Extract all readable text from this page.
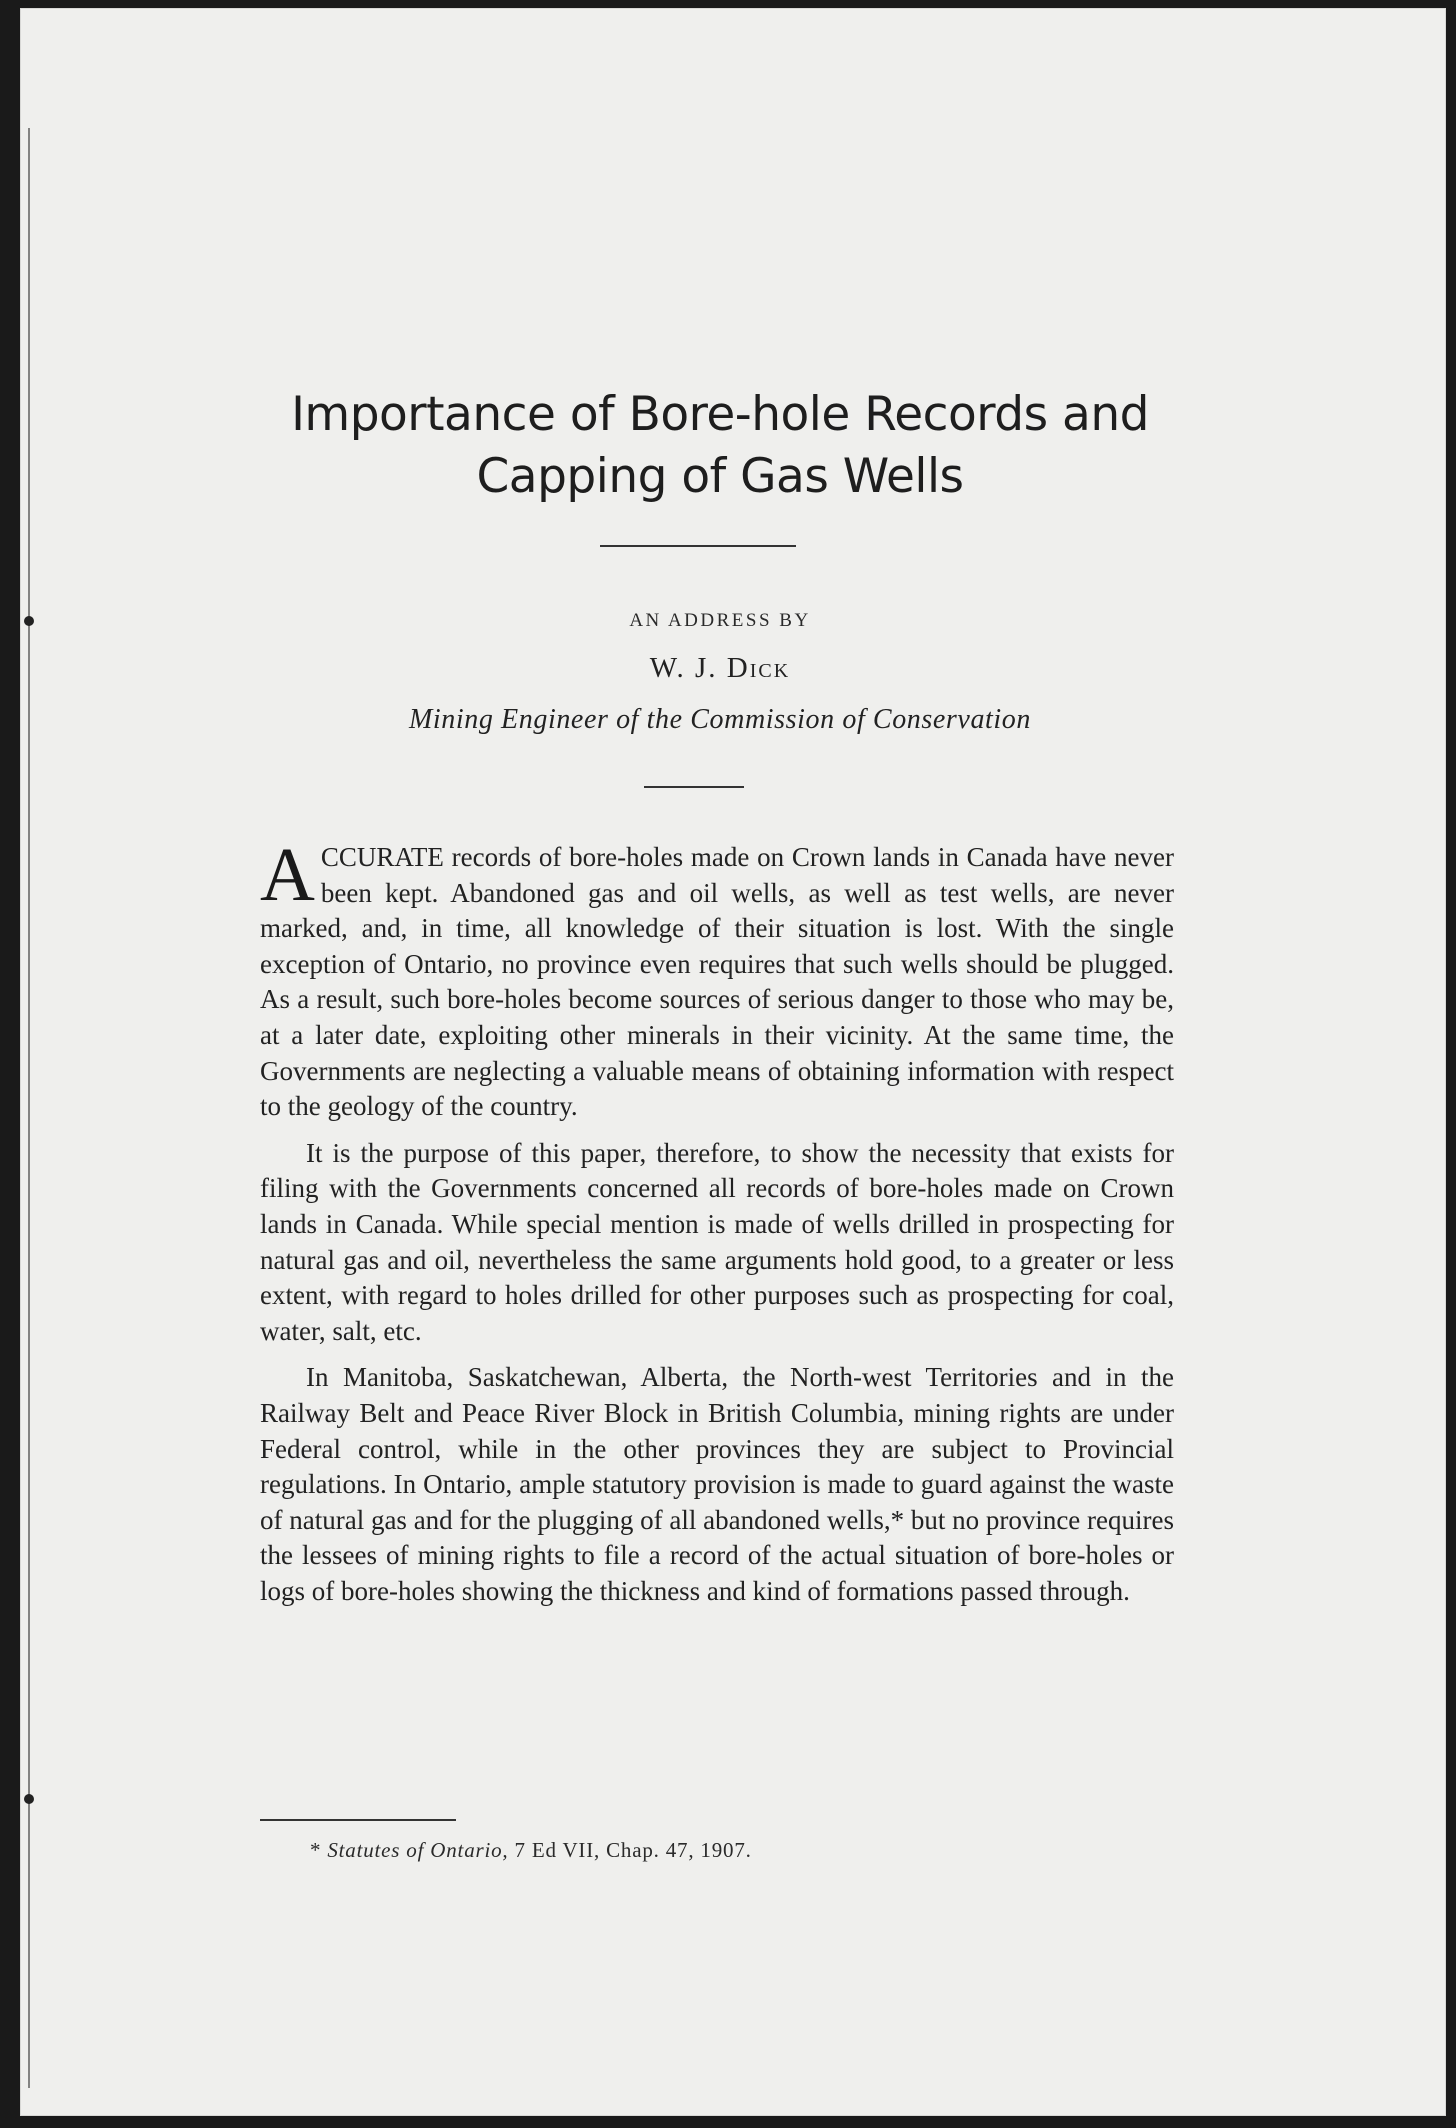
Importance of Bore-hole Records and
Capping of Gas Wells
AN ADDRESS BY
W. J. Dick
Mining Engineer of the Commission of Conservation

ACCURATE records of bore-holes made on Crown lands in Canada have never been kept. Abandoned gas and oil wells, as well as test wells, are never marked, and, in time, all knowledge of their situation is lost. With the single exception of Ontario, no province even requires that such wells should be plugged. As a result, such bore-holes become sources of serious danger to those who may be, at a later date, exploiting other minerals in their vicinity. At the same time, the Governments are neglecting a valuable means of obtaining information with respect to the geology of the country.

It is the purpose of this paper, therefore, to show the necessity that exists for filing with the Governments concerned all records of bore-holes made on Crown lands in Canada. While special mention is made of wells drilled in prospecting for natural gas and oil, nevertheless the same arguments hold good, to a greater or less extent, with regard to holes drilled for other purposes such as prospecting for coal, water, salt, etc.

In Manitoba, Saskatchewan, Alberta, the North-west Territories and in the Railway Belt and Peace River Block in British Columbia, mining rights are under Federal control, while in the other provinces they are subject to Provincial regulations. In Ontario, ample statutory provision is made to guard against the waste of natural gas and for the plugging of all abandoned wells,* but no province requires the lessees of mining rights to file a record of the actual situation of bore-holes or logs of bore-holes showing the thickness and kind of formations passed through.

* Statutes of Ontario, 7 Ed VII, Chap. 47, 1907.
